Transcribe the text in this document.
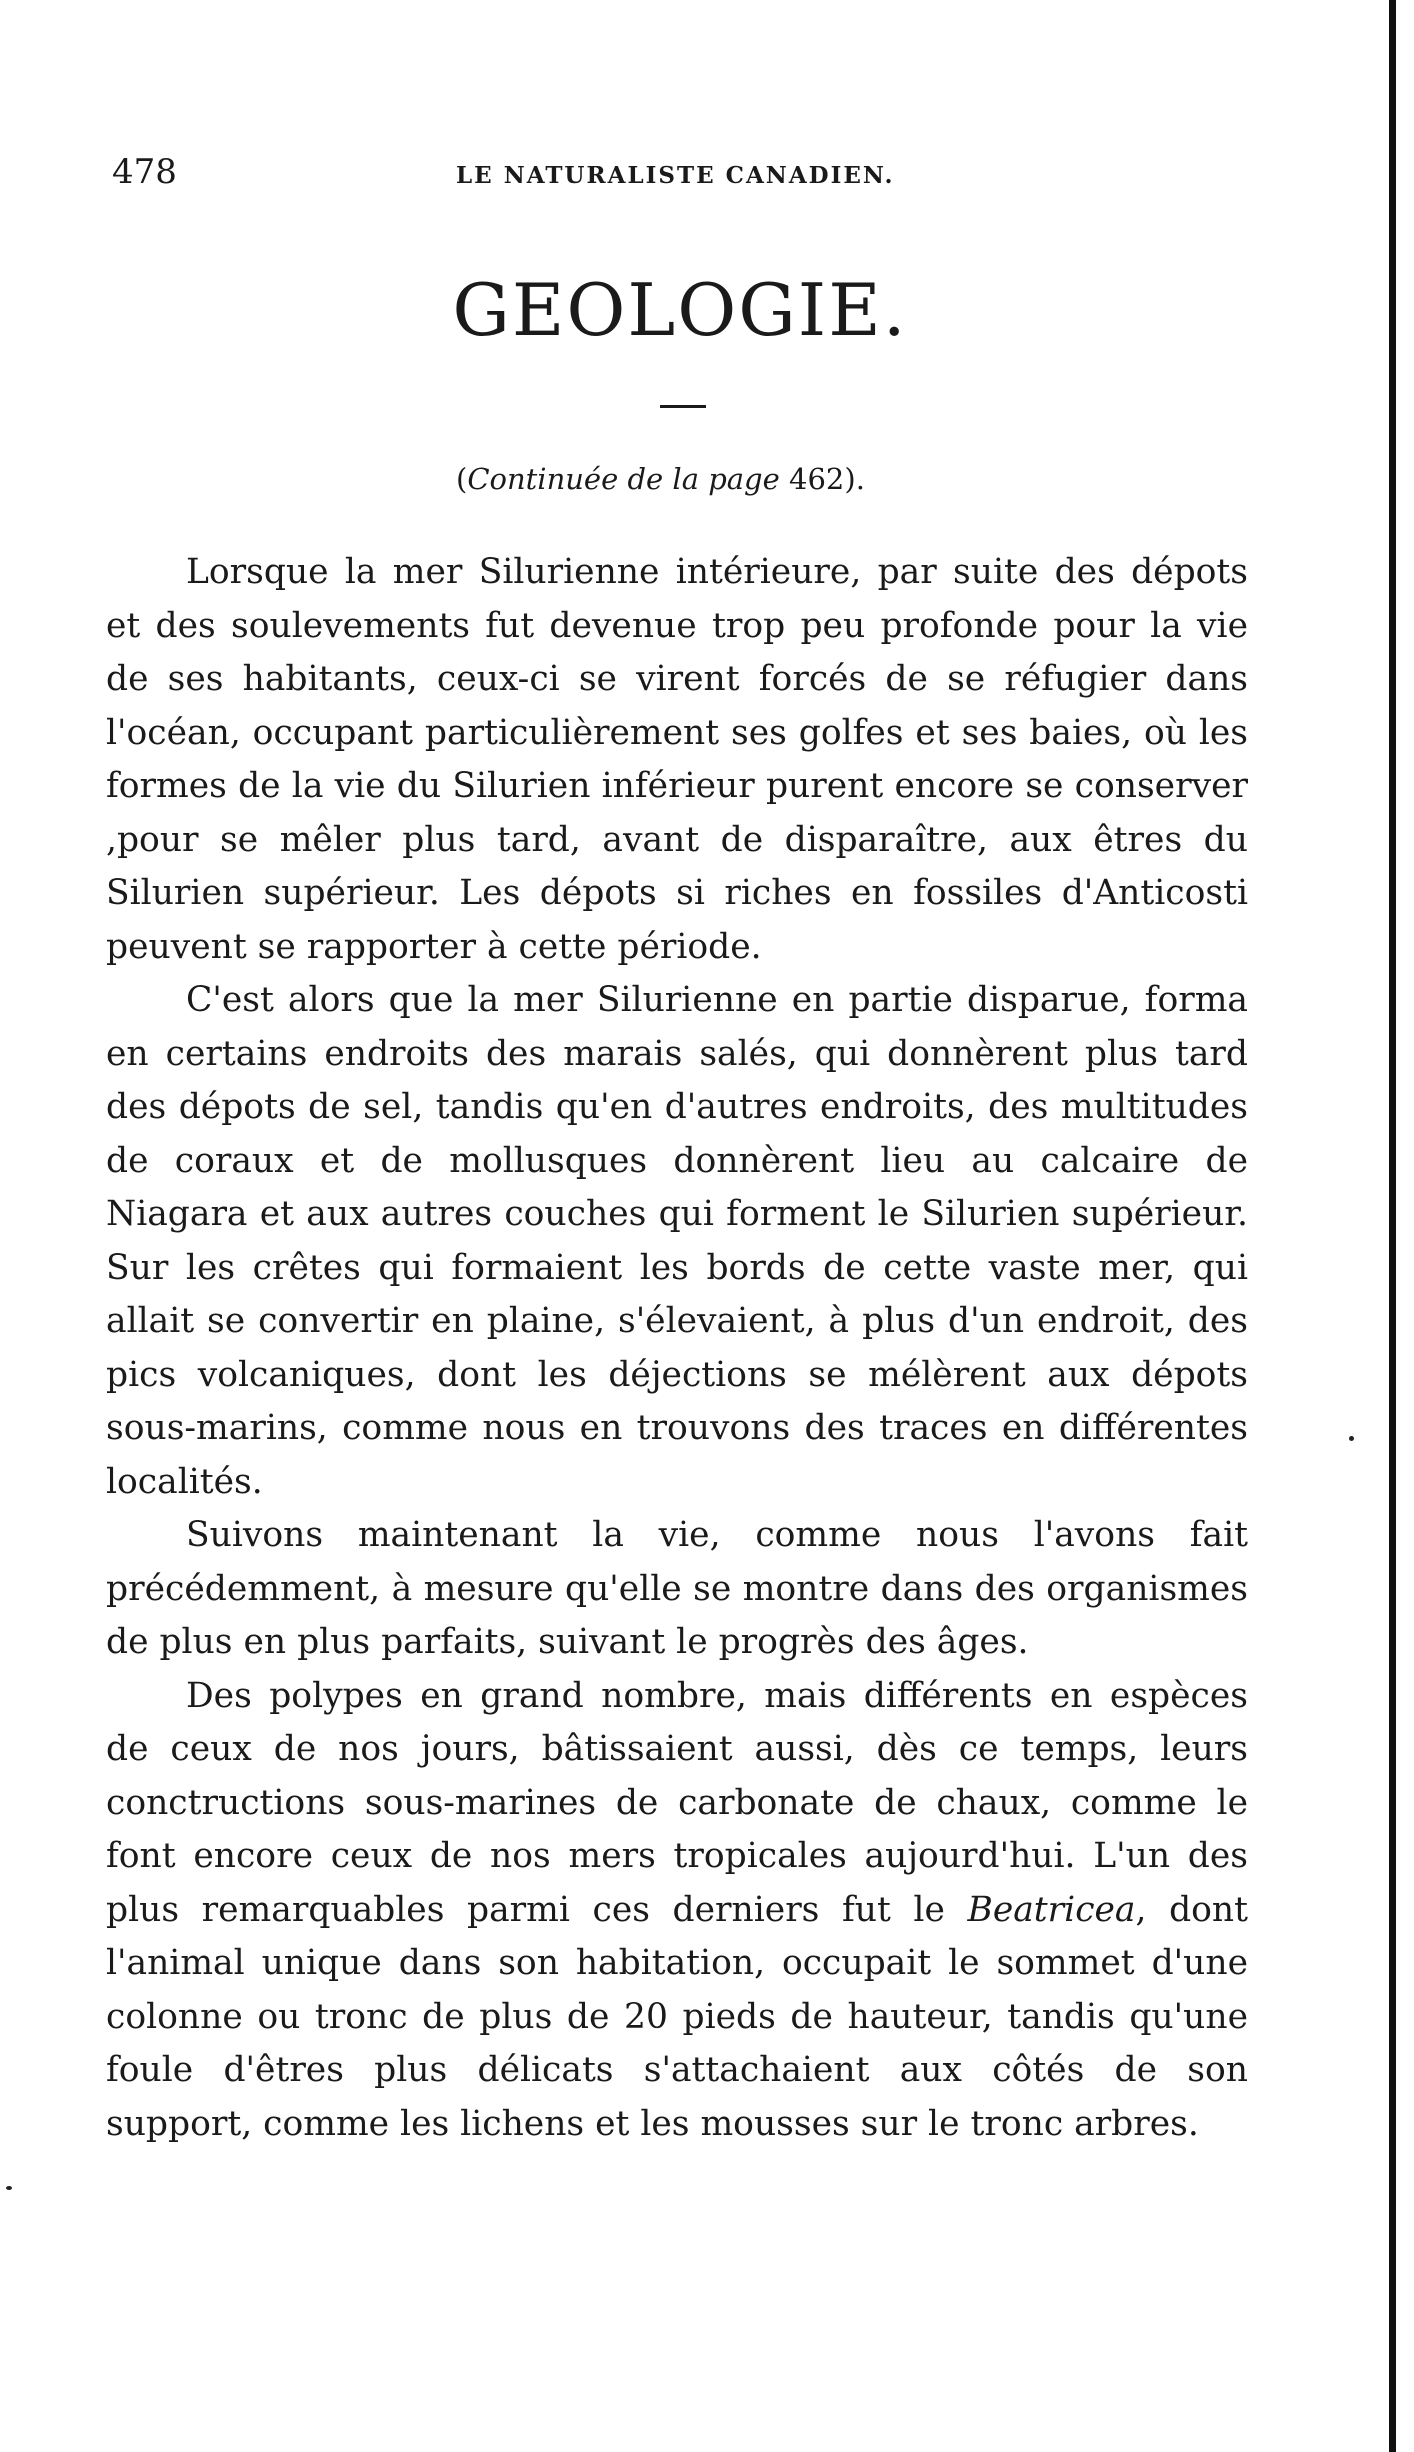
478	LE NATURALISTE CANADIEN.
GEOLOGIE.
(Continuée de la page 462).

Lorsque la mer Silurienne intérieure, par suite des dépots et des soulevements fut devenue trop peu profonde pour la vie de ses habitants, ceux-ci se virent forcés de se réfugier dans l'océan, occupant particulièrement ses golfes et ses baies, où les formes de la vie du Silurien inférieur purent encore se conserver ,pour se mêler plus tard, avant de disparaître, aux êtres du Silurien supérieur. Les dépots si riches en fossiles d'Anticosti peuvent se rapporter à cette période.

C'est alors que la mer Silurienne en partie disparue, forma en certains endroits des marais salés, qui donnèrent plus tard des dépots de sel, tandis qu'en d'autres endroits, des multitudes de coraux et de mollusques donnèrent lieu au calcaire de Niagara et aux autres couches qui forment le Silurien supérieur. Sur les crêtes qui formaient les bords de cette vaste mer, qui allait se convertir en plaine, s'élevaient, à plus d'un endroit, des pics volcaniques, dont les déjections se mélèrent aux dépots sous-marins, comme nous en trouvons des traces en différentes localités.

Suivons maintenant la vie, comme nous l'avons fait précédemment, à mesure qu'elle se montre dans des organismes de plus en plus parfaits, suivant le progrès des âges.

Des polypes en grand nombre, mais différents en espèces de ceux de nos jours, bâtissaient aussi, dès ce temps, leurs conctructions sous-marines de carbonate de chaux, comme le font encore ceux de nos mers tropicales aujourd'hui. L'un des plus remarquables parmi ces derniers fut le Beatricea, dont l'animal unique dans son habitation, occupait le sommet d'une colonne ou tronc de plus de 20 pieds de hauteur, tandis qu'une foule d'êtres plus délicats s'attachaient aux côtés de son support, comme les lichens et les mousses sur le tronc arbres.
